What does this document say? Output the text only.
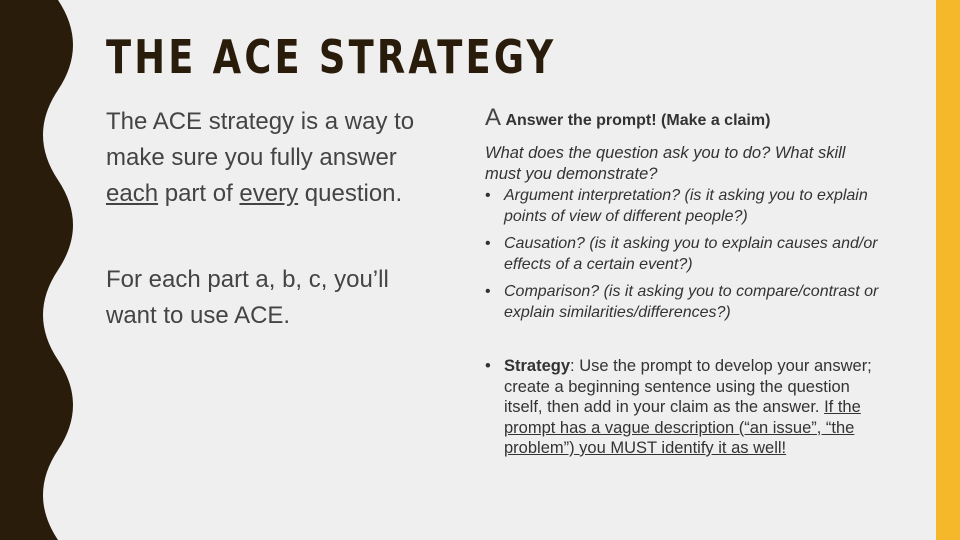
THE ACE STRATEGY

The ACE strategy is a way to make sure you fully answer each part of every question.

For each part a, b, c, you’ll want to use ACE.

A Answer the prompt! (Make a claim)
What does the question ask you to do? What skill must you demonstrate?
• Argument interpretation? (is it asking you to explain points of view of different people?)
• Causation? (is it asking you to explain causes and/or effects of a certain event?)
• Comparison? (is it asking you to compare/contrast or explain similarities/differences?)
• Strategy: Use the prompt to develop your answer; create a beginning sentence using the question itself, then add in your claim as the answer. If the prompt has a vague description (“an issue”, “the problem”) you MUST identify it as well!
